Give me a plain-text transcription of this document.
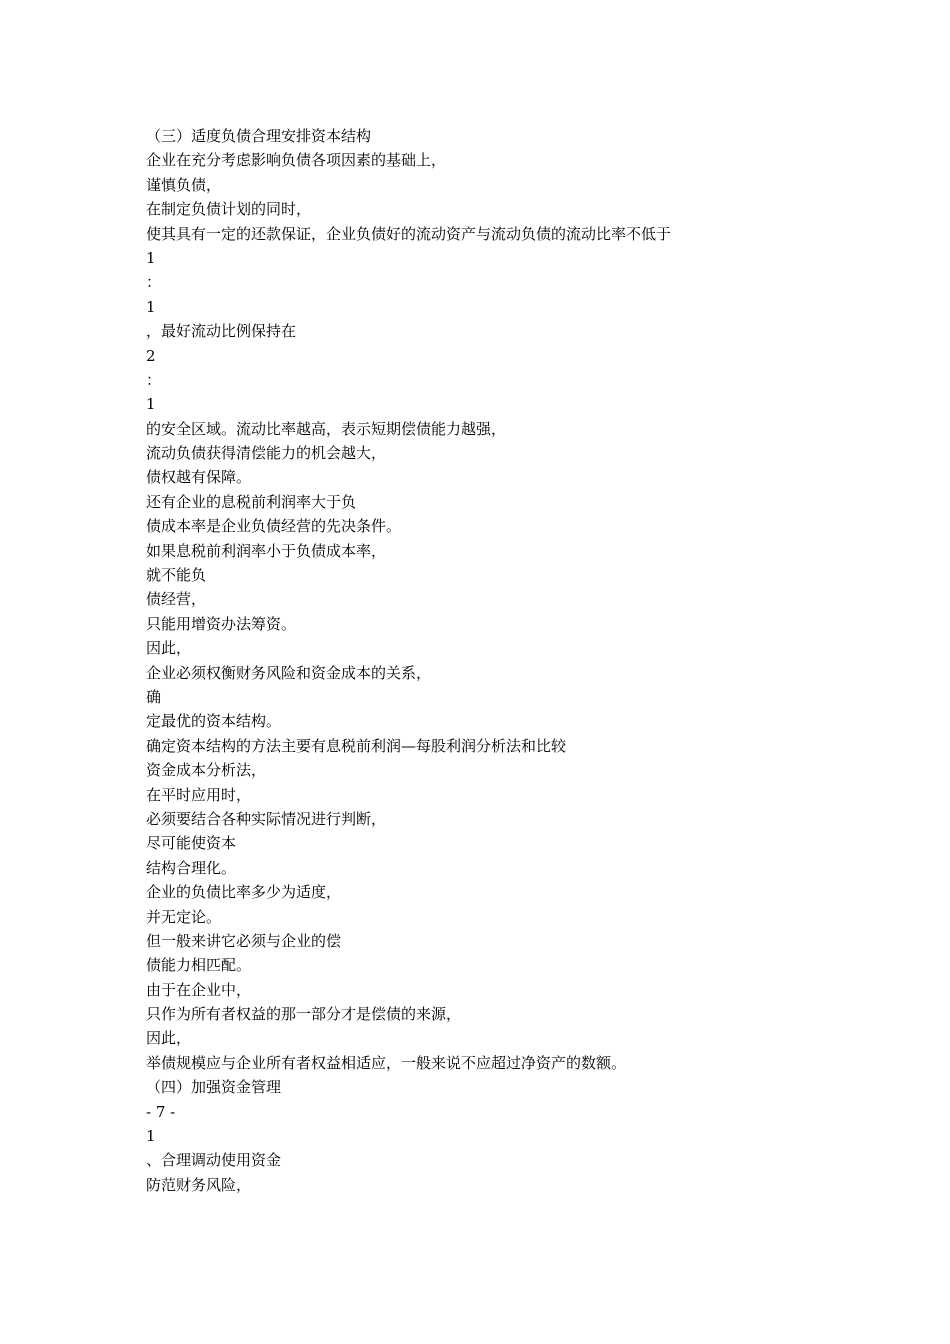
（三）适度负债合理安排资本结构

企业在充分考虑影响负债各项因素的基础上，

谨慎负债，

在制定负债计划的同时，

使其具有一定的还款保证，企业负债好的流动资产与流动负债的流动比率不低于

1

：

1

，最好流动比例保持在

2

：

1

的安全区域。流动比率越高，表示短期偿债能力越强，

流动负债获得清偿能力的机会越大，

债权越有保障。

还有企业的息税前利润率大于负

债成本率是企业负债经营的先决条件。

如果息税前利润率小于负债成本率，

就不能负

债经营，

只能用增资办法筹资。

因此，

企业必须权衡财务风险和资金成本的关系，

确

定最优的资本结构。

确定资本结构的方法主要有息税前利润—每股利润分析法和比较

资金成本分析法，

在平时应用时，

必须要结合各种实际情况进行判断，

尽可能使资本

结构合理化。

企业的负债比率多少为适度，

并无定论。

但一般来讲它必须与企业的偿

债能力相匹配。

由于在企业中，

只作为所有者权益的那一部分才是偿债的来源，

因此，

举债规模应与企业所有者权益相适应，一般来说不应超过净资产的数额。

（四）加强资金管理

- 7 -

1

、合理调动使用资金

防范财务风险，
